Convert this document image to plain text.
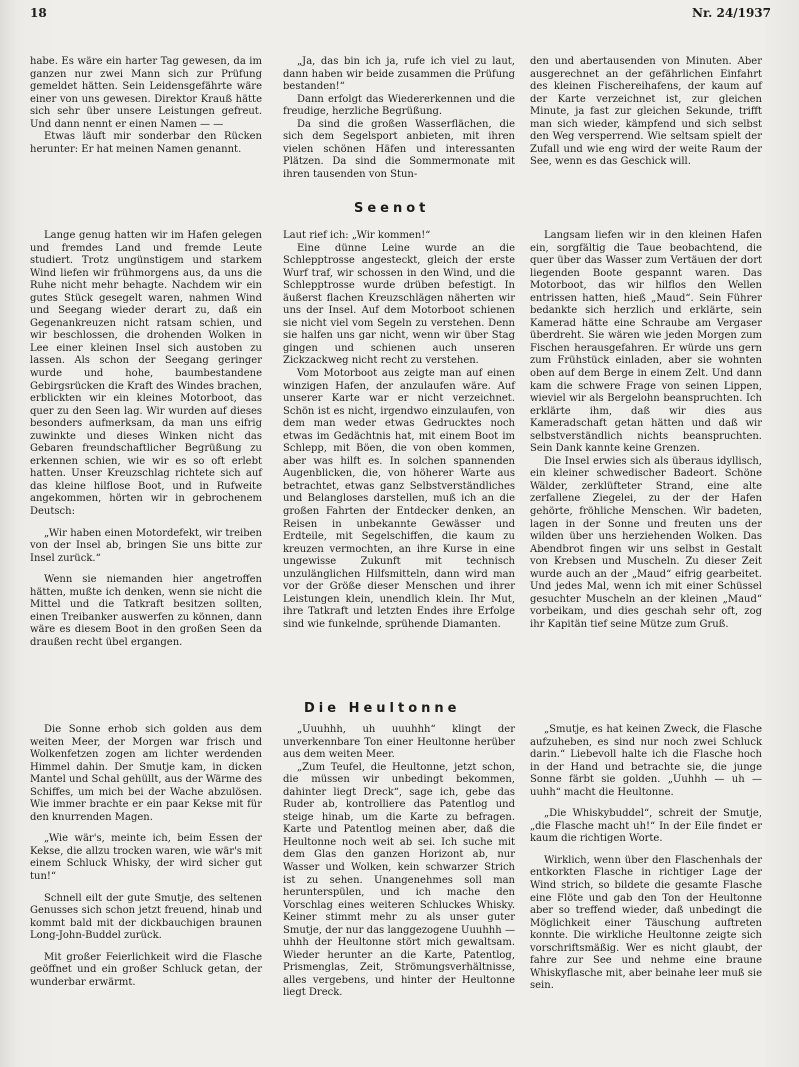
18	Nr. 24/1937

habe. Es wäre ein harter Tag gewesen, da im ganzen nur zwei Mann sich zur Prüfung gemeldet hätten. Sein Leidensgefährte wäre einer von uns gewesen. Direktor Krauß hätte sich sehr über unsere Leistungen gefreut. Und dann nennt er einen Namen — —

Etwas läuft mir sonderbar den Rücken herunter: Er hat meinen Namen genannt.

„Ja, das bin ich ja, rufe ich viel zu laut, dann haben wir beide zusammen die Prüfung bestanden!“

Dann erfolgt das Wiedererkennen und die freudige, herzliche Begrüßung.

Da sind die großen Wasserflächen, die sich dem Segelsport anbieten, mit ihren vielen schönen Häfen und interessanten Plätzen. Da sind die Sommermonate mit ihren tausenden von Stun-

den und abertausenden von Minuten. Aber ausgerechnet an der gefährlichen Einfahrt des kleinen Fischereihafens, der kaum auf der Karte verzeichnet ist, zur gleichen Minute, ja fast zur gleichen Sekunde, trifft man sich wieder, kämpfend und sich selbst den Weg versperrend. Wie seltsam spielt der Zufall und wie eng wird der weite Raum der See, wenn es das Geschick will.

Seenot

Lange genug hatten wir im Hafen gelegen und fremdes Land und fremde Leute studiert. Trotz ungünstigem und starkem Wind liefen wir frühmorgens aus, da uns die Ruhe nicht mehr behagte. Nachdem wir ein gutes Stück gesegelt waren, nahmen Wind und Seegang wieder derart zu, daß ein Gegenankreuzen nicht ratsam schien, und wir beschlossen, die drohenden Wolken in Lee einer kleinen Insel sich austoben zu lassen. Als schon der Seegang geringer wurde und hohe, baumbestandene Gebirgsrücken die Kraft des Windes brachen, erblickten wir ein kleines Motorboot, das quer zu den Seen lag. Wir wurden auf dieses besonders aufmerksam, da man uns eifrig zuwinkte und dieses Winken nicht das Gebaren freundschaftlicher Begrüßung zu erkennen schien, wie wir es so oft erlebt hatten. Unser Kreuzschlag richtete sich auf das kleine hilflose Boot, und in Rufweite angekommen, hörten wir in gebrochenem Deutsch:

„Wir haben einen Motordefekt, wir treiben von der Insel ab, bringen Sie uns bitte zur Insel zurück.“

Wenn sie niemanden hier angetroffen hätten, mußte ich denken, wenn sie nicht die Mittel und die Tatkraft besitzen sollten, einen Treibanker auswerfen zu können, dann wäre es diesem Boot in den großen Seen da draußen recht übel ergangen.

Laut rief ich: „Wir kommen!“

Eine dünne Leine wurde an die Schlepptrosse angesteckt, gleich der erste Wurf traf, wir schossen in den Wind, und die Schlepptrosse wurde drüben befestigt. In äußerst flachen Kreuzschlägen näherten wir uns der Insel. Auf dem Motorboot schienen sie nicht viel vom Segeln zu verstehen. Denn sie halfen uns gar nicht, wenn wir über Stag gingen und schienen auch unseren Zickzackweg nicht recht zu verstehen.

Vom Motorboot aus zeigte man auf einen winzigen Hafen, der anzulaufen wäre. Auf unserer Karte war er nicht verzeichnet. Schön ist es nicht, irgendwo einzulaufen, von dem man weder etwas Gedrucktes noch etwas im Gedächtnis hat, mit einem Boot im Schlepp, mit Böen, die von oben kommen, aber was hilft es. In solchen spannenden Augenblicken, die, von höherer Warte aus betrachtet, etwas ganz Selbstverständliches und Belangloses darstellen, muß ich an die großen Fahrten der Entdecker denken, an Reisen in unbekannte Gewässer und Erdteile, mit Segelschiffen, die kaum zu kreuzen vermochten, an ihre Kurse in eine ungewisse Zukunft mit technisch unzulänglichen Hilfsmitteln, dann wird man vor der Größe dieser Menschen und ihrer Leistungen klein, unendlich klein. Ihr Mut, ihre Tatkraft und letzten Endes ihre Erfolge sind wie funkelnde, sprühende Diamanten.

Langsam liefen wir in den kleinen Hafen ein, sorgfältig die Taue beobachtend, die quer über das Wasser zum Vertäuen der dort liegenden Boote gespannt waren. Das Motorboot, das wir hilflos den Wellen entrissen hatten, hieß „Maud“. Sein Führer bedankte sich herzlich und erklärte, sein Kamerad hätte eine Schraube am Vergaser überdreht. Sie wären wie jeden Morgen zum Fischen herausgefahren. Er würde uns gern zum Frühstück einladen, aber sie wohnten oben auf dem Berge in einem Zelt. Und dann kam die schwere Frage von seinen Lippen, wieviel wir als Bergelohn beanspruchten. Ich erklärte ihm, daß wir dies aus Kameradschaft getan hätten und daß wir selbstverständlich nichts beanspruchten. Sein Dank kannte keine Grenzen.

Die Insel erwies sich als überaus idyllisch, ein kleiner schwedischer Badeort. Schöne Wälder, zerklüfteter Strand, eine alte zerfallene Ziegelei, zu der der Hafen gehörte, fröhliche Menschen. Wir badeten, lagen in der Sonne und freuten uns der wilden über uns herziehenden Wolken. Das Abendbrot fingen wir uns selbst in Gestalt von Krebsen und Muscheln. Zu dieser Zeit wurde auch an der „Maud“ eifrig gearbeitet. Und jedes Mal, wenn ich mit einer Schüssel gesuchter Muscheln an der kleinen „Maud“ vorbeikam, und dies geschah sehr oft, zog ihr Kapitän tief seine Mütze zum Gruß.

Die Heultonne

Die Sonne erhob sich golden aus dem weiten Meer, der Morgen war frisch und Wolkenfetzen zogen am lichter werdenden Himmel dahin. Der Smutje kam, in dicken Mantel und Schal gehüllt, aus der Wärme des Schiffes, um mich bei der Wache abzulösen. Wie immer brachte er ein paar Kekse mit für den knurrenden Magen.

„Wie wär's, meinte ich, beim Essen der Kekse, die allzu trocken waren, wie wär's mit einem Schluck Whisky, der wird sicher gut tun!“

Schnell eilt der gute Smutje, des seltenen Genusses sich schon jetzt freuend, hinab und kommt bald mit der dickbauchigen braunen Long-John-Buddel zurück.

Mit großer Feierlichkeit wird die Flasche geöffnet und ein großer Schluck getan, der wunderbar erwärmt.

„Uuuhhh, uh uuuhhh“ klingt der unverkennbare Ton einer Heultonne herüber aus dem weiten Meer.

„Zum Teufel, die Heultonne, jetzt schon, die müssen wir unbedingt bekommen, dahinter liegt Dreck“, sage ich, gebe das Ruder ab, kontrolliere das Patentlog und steige hinab, um die Karte zu befragen. Karte und Patentlog meinen aber, daß die Heultonne noch weit ab sei. Ich suche mit dem Glas den ganzen Horizont ab, nur Wasser und Wolken, kein schwarzer Strich ist zu sehen. Unangenehmes soll man herunterspülen, und ich mache den Vorschlag eines weiteren Schluckes Whisky. Keiner stimmt mehr zu als unser guter Smutje, der nur das langgezogene Uuuhhh — uhhh der Heultonne stört mich gewaltsam. Wieder herunter an die Karte, Patentlog, Prismenglas, Zeit, Strömungsverhältnisse, alles vergebens, und hinter der Heultonne liegt Dreck.

„Smutje, es hat keinen Zweck, die Flasche aufzuheben, es sind nur noch zwei Schluck darin.“ Liebevoll halte ich die Flasche hoch in der Hand und betrachte sie, die junge Sonne färbt sie golden. „Uuhhh — uh — uuhh“ macht die Heultonne.

„Die Whiskybuddel“, schreit der Smutje, „die Flasche macht uh!“ In der Eile findet er kaum die richtigen Worte.

Wirklich, wenn über den Flaschenhals der entkorkten Flasche in richtiger Lage der Wind strich, so bildete die gesamte Flasche eine Flöte und gab den Ton der Heultonne aber so treffend wieder, daß unbedingt die Möglichkeit einer Täuschung auftreten konnte. Die wirkliche Heultonne zeigte sich vorschriftsmäßig. Wer es nicht glaubt, der fahre zur See und nehme eine braune Whiskyflasche mit, aber beinahe leer muß sie sein.
